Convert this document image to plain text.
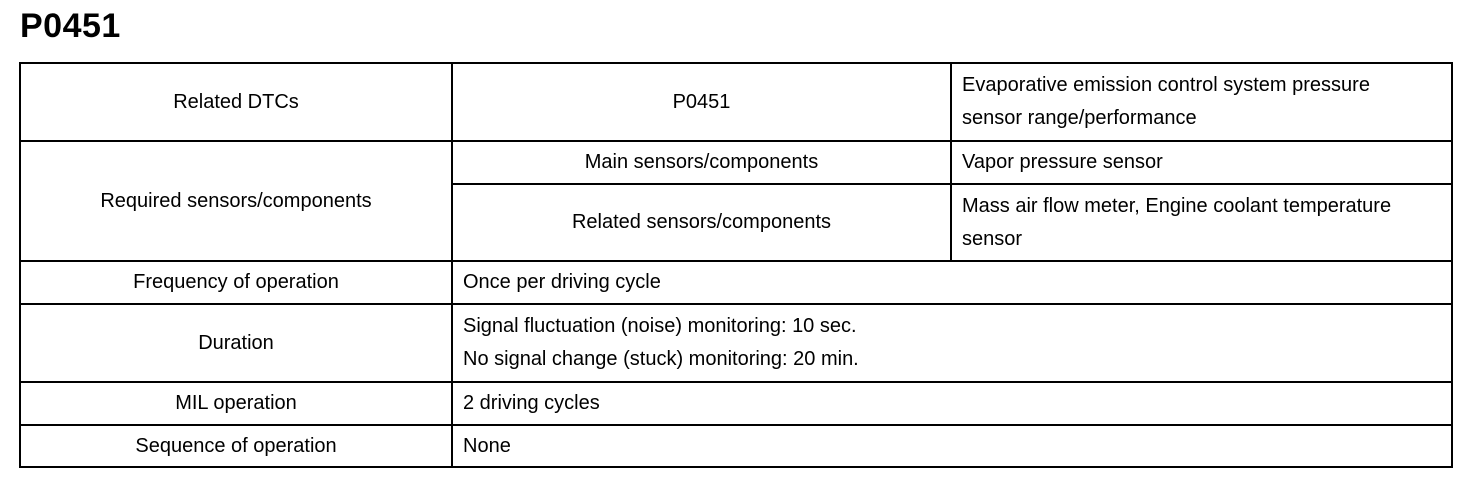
P0451
Related DTCs	P0451	Evaporative emission control system pressure
sensor range/performance

Required sensors/components	Main sensors/components	Vapor pressure sensor
	Related sensors/components	Mass air flow meter, Engine coolant temperature
sensor

Frequency of operation	Once per driving cycle	
Duration	Signal fluctuation (noise) monitoring: 10 sec.
No signal change (stuck) monitoring: 20 min.	

MIL operation	2 driving cycles	
Sequence of operation	None	
